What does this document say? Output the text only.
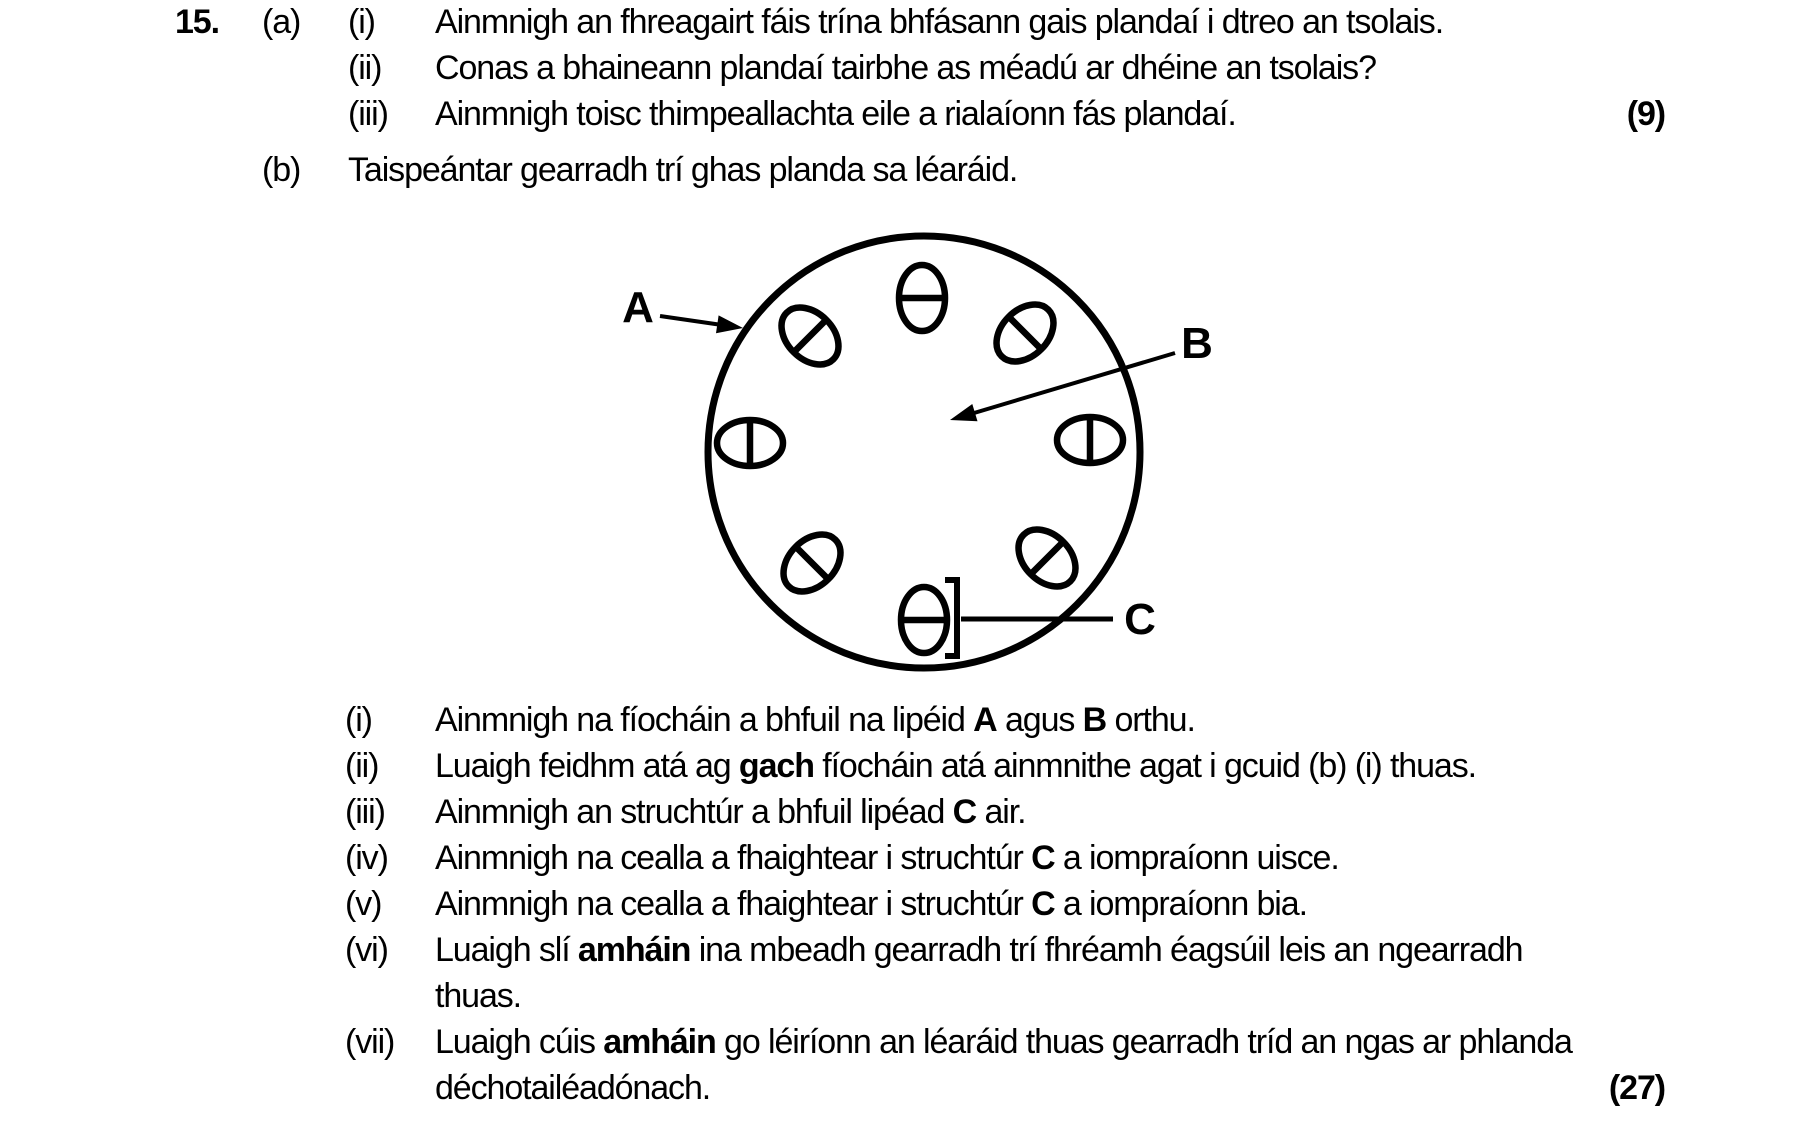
15. (a) (i) Ainmnigh an fhreagairt fáis trína bhfásann gais plandaí i dtreo an tsolais.
(ii) Conas a bhaineann plandaí tairbhe as méadú ar dhéine an tsolais?
(iii) Ainmnigh toisc thimpeallachta eile a rialaíonn fás plandaí.	(9)
(b) Taispeántar gearradh trí ghas planda sa léaráid.
(i) Ainmnigh na fíocháin a bhfuil na lipéid A agus B orthu.
(ii) Luaigh feidhm atá ag gach fíocháin atá ainmnithe agat i gcuid (b) (i) thuas.
(iii) Ainmnigh an struchtúr a bhfuil lipéad C air.
(iv) Ainmnigh na cealla a fhaightear i struchtúr C a iompraíonn uisce.
(v) Ainmnigh na cealla a fhaightear i struchtúr C a iompraíonn bia.
(vi) Luaigh slí amháin ina mbeadh gearradh trí fhréamh éagsúil leis an ngearradh
thuas.
(vii) Luaigh cúis amháin go léiríonn an léaráid thuas gearradh tríd an ngas ar phlanda
déchotailéadónach.	(27)
A
B
C
